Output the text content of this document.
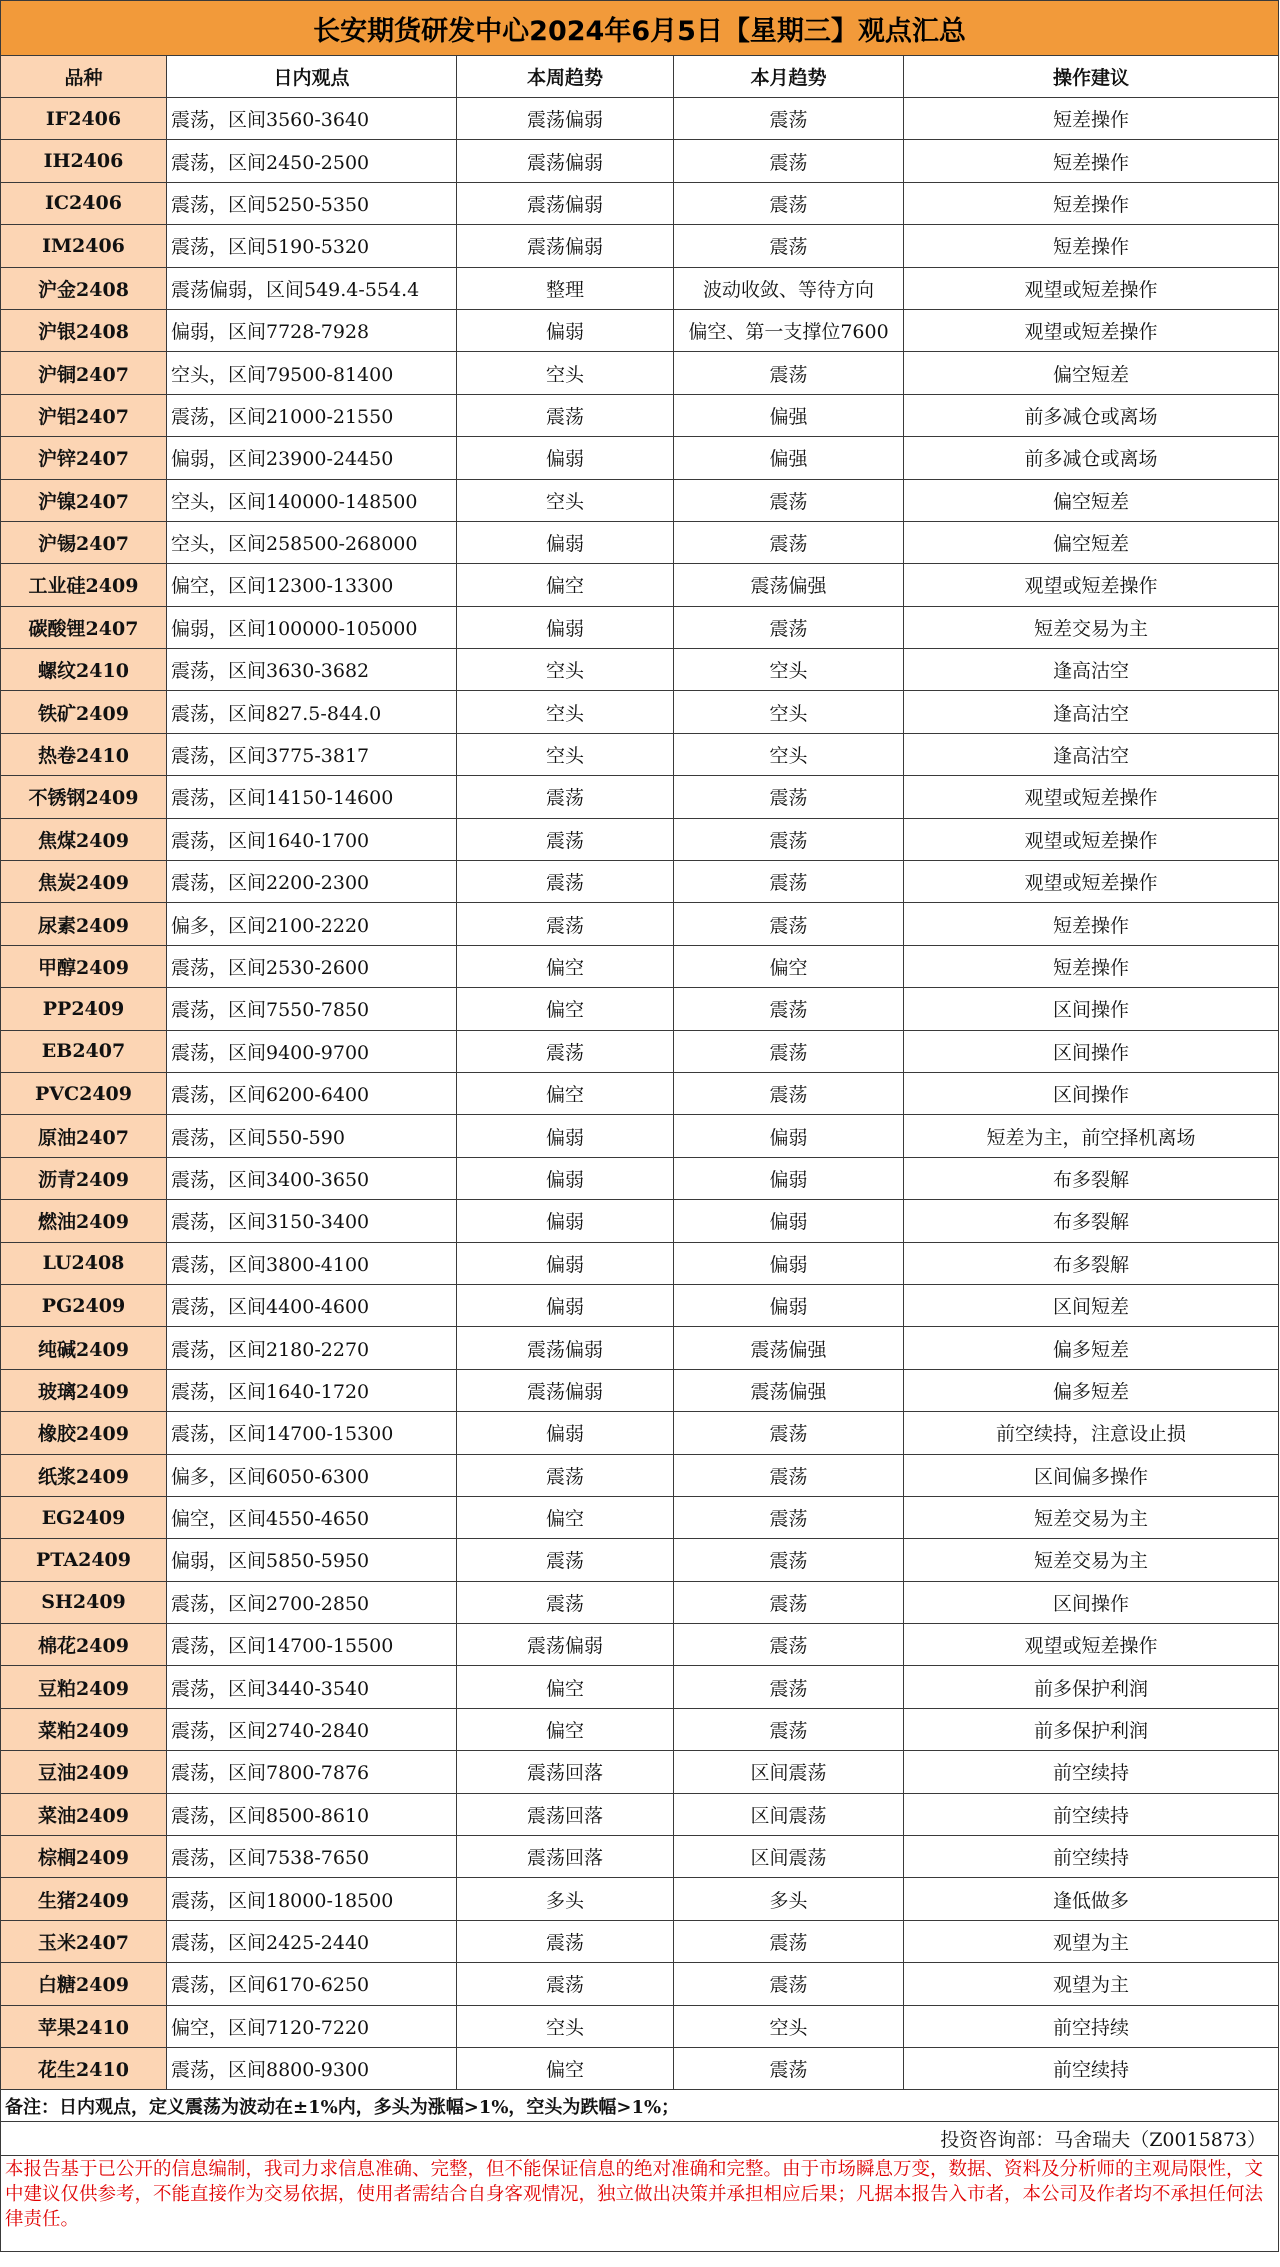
长安期货研发中心2024年6月5日【星期三】观点汇总				
品种	日内观点	本周趋势	本月趋势	操作建议
IF2406	震荡，区间3560-3640	震荡偏弱	震荡	短差操作
IH2406	震荡，区间2450-2500	震荡偏弱	震荡	短差操作
IC2406	震荡，区间5250-5350	震荡偏弱	震荡	短差操作
IM2406	震荡，区间5190-5320	震荡偏弱	震荡	短差操作
沪金2408	震荡偏弱，区间549.4-554.4	整理	波动收敛、等待方向	观望或短差操作
沪银2408	偏弱，区间7728-7928	偏弱	偏空、第一支撑位7600	观望或短差操作
沪铜2407	空头，区间79500-81400	空头	震荡	偏空短差
沪铝2407	震荡，区间21000-21550	震荡	偏强	前多减仓或离场
沪锌2407	偏弱，区间23900-24450	偏弱	偏强	前多减仓或离场
沪镍2407	空头，区间140000-148500	空头	震荡	偏空短差
沪锡2407	空头，区间258500-268000	偏弱	震荡	偏空短差
工业硅2409	偏空，区间12300-13300	偏空	震荡偏强	观望或短差操作
碳酸锂2407	偏弱，区间100000-105000	偏弱	震荡	短差交易为主
螺纹2410	震荡，区间3630-3682	空头	空头	逢高沽空
铁矿2409	震荡，区间827.5-844.0	空头	空头	逢高沽空
热卷2410	震荡，区间3775-3817	空头	空头	逢高沽空
不锈钢2409	震荡，区间14150-14600	震荡	震荡	观望或短差操作
焦煤2409	震荡，区间1640-1700	震荡	震荡	观望或短差操作
焦炭2409	震荡，区间2200-2300	震荡	震荡	观望或短差操作
尿素2409	偏多，区间2100-2220	震荡	震荡	短差操作
甲醇2409	震荡，区间2530-2600	偏空	偏空	短差操作
PP2409	震荡，区间7550-7850	偏空	震荡	区间操作
EB2407	震荡，区间9400-9700	震荡	震荡	区间操作
PVC2409	震荡，区间6200-6400	偏空	震荡	区间操作
原油2407	震荡，区间550-590	偏弱	偏弱	短差为主，前空择机离场
沥青2409	震荡，区间3400-3650	偏弱	偏弱	布多裂解
燃油2409	震荡，区间3150-3400	偏弱	偏弱	布多裂解
LU2408	震荡，区间3800-4100	偏弱	偏弱	布多裂解
PG2409	震荡，区间4400-4600	偏弱	偏弱	区间短差
纯碱2409	震荡，区间2180-2270	震荡偏弱	震荡偏强	偏多短差
玻璃2409	震荡，区间1640-1720	震荡偏弱	震荡偏强	偏多短差
橡胶2409	震荡，区间14700-15300	偏弱	震荡	前空续持，注意设止损
纸浆2409	偏多，区间6050-6300	震荡	震荡	区间偏多操作
EG2409	偏空，区间4550-4650	偏空	震荡	短差交易为主
PTA2409	偏弱，区间5850-5950	震荡	震荡	短差交易为主
SH2409	震荡，区间2700-2850	震荡	震荡	区间操作
棉花2409	震荡，区间14700-15500	震荡偏弱	震荡	观望或短差操作
豆粕2409	震荡，区间3440-3540	偏空	震荡	前多保护利润
菜粕2409	震荡，区间2740-2840	偏空	震荡	前多保护利润
豆油2409	震荡，区间7800-7876	震荡回落	区间震荡	前空续持
菜油2409	震荡，区间8500-8610	震荡回落	区间震荡	前空续持
棕榈2409	震荡，区间7538-7650	震荡回落	区间震荡	前空续持
生猪2409	震荡，区间18000-18500	多头	多头	逢低做多
玉米2407	震荡，区间2425-2440	震荡	震荡	观望为主
白糖2409	震荡，区间6170-6250	震荡	震荡	观望为主
苹果2410	偏空，区间7120-7220	空头	空头	前空持续
花生2410	震荡，区间8800-9300	偏空	震荡	前空续持
备注：日内观点，定义震荡为波动在±1%内，多头为涨幅>1%，空头为跌幅>1%；				
投资咨询部：马舍瑞夫（Z0015873）				
本报告基于已公开的信息编制，我司力求信息准确、完整，但不能保证信息的绝对准确和完整。由于市场瞬息万变，数据、资料及分析师的主观局限性，文中建议仅供参考，不能直接作为交易依据，使用者需结合自身客观情况，独立做出决策并承担相应后果；凡据本报告入市者，本公司及作者均不承担任何法律责任。				
